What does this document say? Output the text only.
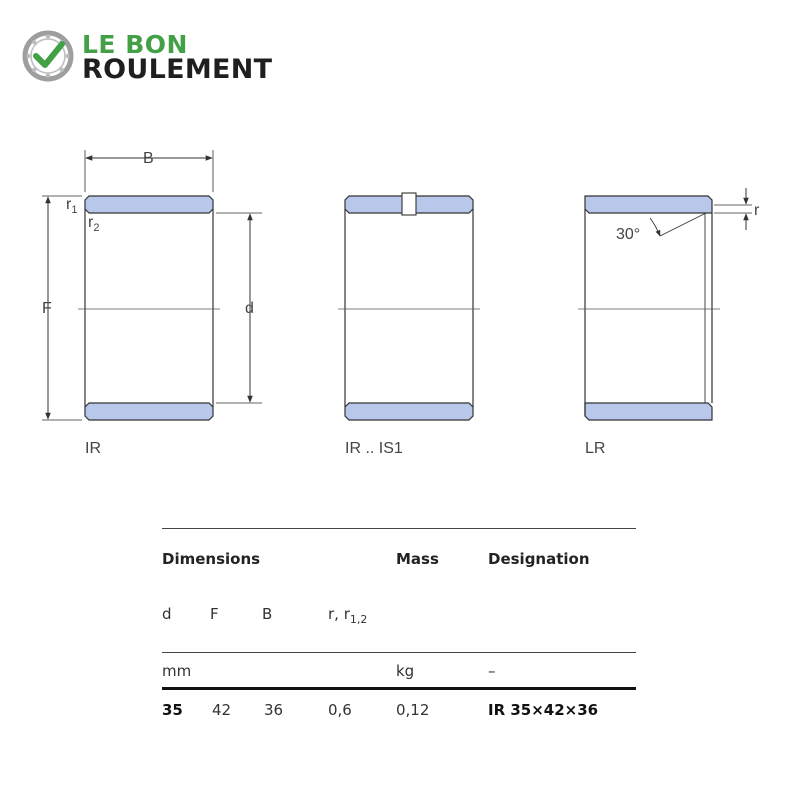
LE BON
ROULEMENT
B
F	d
$r_1$
$r_2$
r
30°
IR	IR .. IS1	LR
Dimensions	Mass	Designation
d	F	B	r, $r_{1,2}$
mm	kg	–
35 42 36	0,6	0,12	IR 35×42×36
